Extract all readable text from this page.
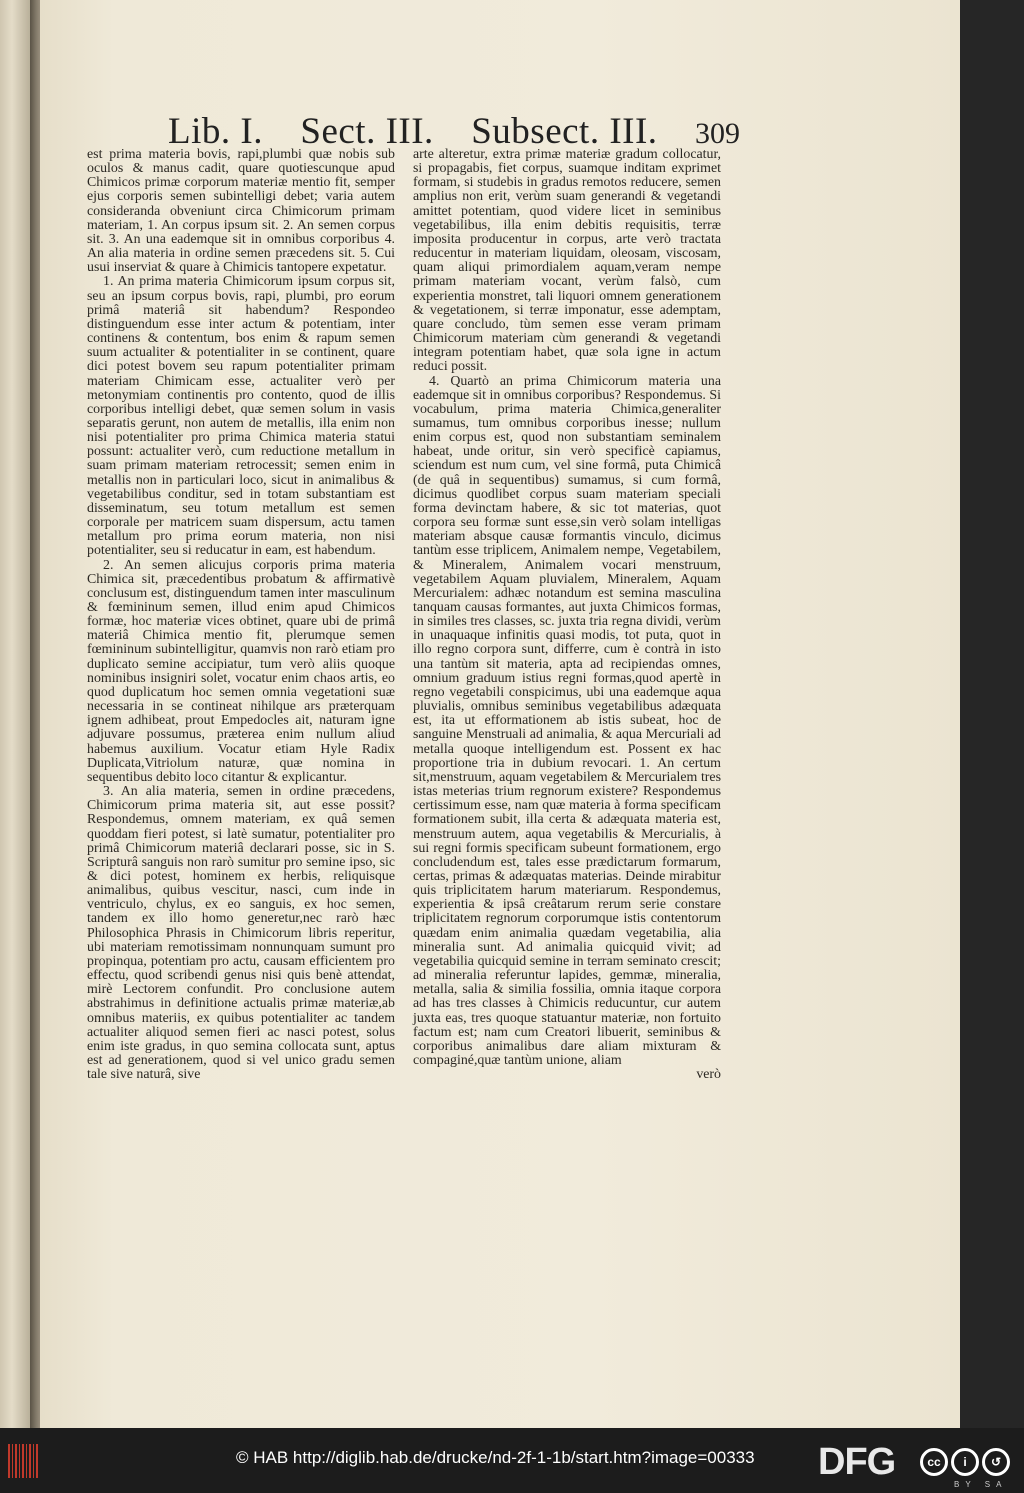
Lib. I. Sect. III. Subsect. III. 309

est prima materia bovis, rapi,plumbi quæ nobis sub oculos & manus cadit, quare quotiescunque apud Chimicos primæ corporum materiæ mentio fit, semper ejus corporis semen subintelligi debet; varia autem consideranda obveniunt circa Chimicorum primam materiam, 1. An corpus ipsum sit. 2. An semen corpus sit. 3. An una eademque sit in omnibus corporibus 4. An alia materia in ordine semen præcedens sit. 5. Cui usui inserviat & quare à Chimicis tantopere expetatur.

1. An prima materia Chimicorum ipsum corpus sit, seu an ipsum corpus bovis, rapi, plumbi, pro eorum primâ materiâ sit habendum? Respondeo distinguendum esse inter actum & potentiam, inter continens & contentum, bos enim & rapum semen suum actualiter & potentialiter in se continent, quare dici potest bovem seu rapum potentialiter primam materiam Chimicam esse, actualiter verò per metonymiam continentis pro contento, quod de illis corporibus intelligi debet, quæ semen solum in vasis separatis gerunt, non autem de metallis, illa enim non nisi potentialiter pro prima Chimica materia statui possunt: actualiter verò, cum reductione metallum in suam primam materiam retrocessit; semen enim in metallis non in particulari loco, sicut in animalibus & vegetabilibus conditur, sed in totam substantiam est disseminatum, seu totum metallum est semen corporale per matricem suam dispersum, actu tamen metallum pro prima eorum materia, non nisi potentialiter, seu si reducatur in eam, est habendum.

2. An semen alicujus corporis prima materia Chimica sit, præcedentibus probatum & affirmativè conclusum est, distinguendum tamen inter masculinum & fœmininum semen, illud enim apud Chimicos formæ, hoc materiæ vices obtinet, quare ubi de primâ materiâ Chimica mentio fit, plerumque semen fœmininum subintelligitur, quamvis non rarò etiam pro duplicato semine accipiatur, tum verò aliis quoque nominibus insigniri solet, vocatur enim chaos artis, eo quod duplicatum hoc semen omnia vegetationi suæ necessaria in se contineat nihilque ars præterquam ignem adhibeat, prout Empedocles ait, naturam igne adjuvare possumus, præterea enim nullum aliud habemus auxilium. Vocatur etiam Hyle Radix Duplicata,Vitriolum naturæ, quæ nomina in sequentibus debito loco citantur & explicantur.

3. An alia materia, semen in ordine præcedens, Chimicorum prima materia sit, aut esse possit? Respondemus, omnem materiam, ex quâ semen quoddam fieri potest, si latè sumatur, potentialiter pro primâ Chimicorum materiâ declarari posse, sic in S. Scripturâ sanguis non rarò sumitur pro semine ipso, sic & dici potest, hominem ex herbis, reliquisque animalibus, quibus vescitur, nasci, cum inde in ventriculo, chylus, ex eo sanguis, ex hoc semen, tandem ex illo homo generetur,nec rarò hæc Philosophica Phrasis in Chimicorum libris reperitur, ubi materiam remotissimam nonnunquam sumunt pro propinqua, potentiam pro actu, causam efficientem pro effectu, quod scribendi genus nisi quis benè attendat, mirè Lectorem confundit. Pro conclusione autem abstrahimus in definitione actualis primæ materiæ,ab omnibus materiis, ex quibus potentialiter ac tandem actualiter aliquod semen fieri ac nasci potest, solus enim iste gradus, in quo semina collocata sunt, aptus est ad generationem, quod si vel unico gradu semen tale sive naturâ, sive

arte alteretur, extra primæ materiæ gradum collocatur, si propagabis, fiet corpus, suamque inditam exprimet formam, si studebis in gradus remotos reducere, semen amplius non erit, verùm suam generandi & vegetandi amittet potentiam, quod videre licet in seminibus vegetabilibus, illa enim debitis requisitis, terræ imposita producentur in corpus, arte verò tractata reducentur in materiam liquidam, oleosam, viscosam, quam aliqui primordialem aquam,veram nempe primam materiam vocant, verùm falsò, cum experientia monstret, tali liquori omnem generationem & vegetationem, si terræ imponatur, esse ademptam, quare concludo, tùm semen esse veram primam Chimicorum materiam cùm generandi & vegetandi integram potentiam habet, quæ sola igne in actum reduci possit.

4. Quartò an prima Chimicorum materia una eademque sit in omnibus corporibus? Respondemus. Si vocabulum, prima materia Chimica,generaliter sumamus, tum omnibus corporibus inesse; nullum enim corpus est, quod non substantiam seminalem habeat, unde oritur, sin verò specificè capiamus, sciendum est num cum, vel sine formâ, puta Chimicâ (de quâ in sequentibus) sumamus, si cum formâ, dicimus quodlibet corpus suam materiam speciali forma devinctam habere, & sic tot materias, quot corpora seu formæ sunt esse,sin verò solam intelligas materiam absque causæ formantis vinculo, dicimus tantùm esse triplicem, Animalem nempe, Vegetabilem, & Mineralem, Animalem vocari menstruum, vegetabilem Aquam pluvialem, Mineralem, Aquam Mercurialem: adhæc notandum est semina masculina tanquam causas formantes, aut juxta Chimicos formas, in similes tres classes, sc. juxta tria regna dividi, verùm in unaquaque infinitis quasi modis, tot puta, quot in illo regno corpora sunt, differre, cum è contrà in isto una tantùm sit materia, apta ad recipiendas omnes, omnium graduum istius regni formas,quod apertè in regno vegetabili conspicimus, ubi una eademque aqua pluvialis, omnibus seminibus vegetabilibus adæquata est, ita ut efformationem ab istis subeat, hoc de sanguine Menstruali ad animalia, & aqua Mercuriali ad metalla quoque intelligendum est. Possent ex hac proportione tria in dubium revocari. 1. An certum sit,menstruum, aquam vegetabilem & Mercurialem tres istas meterias trium regnorum existere? Respondemus certissimum esse, nam quæ materia à forma specificam formationem subit, illa certa & adæquata materia est, menstruum autem, aqua vegetabilis & Mercurialis, à sui regni formis specificam subeunt formationem, ergo concludendum est, tales esse prædictarum formarum, certas, primas & adæquatas materias. Deinde mirabitur quis triplicitatem harum materiarum. Respondemus, experientia & ipsâ creâtarum rerum serie constare triplicitatem regnorum corporumque istis contentorum quædam enim animalia quædam vegetabilia, alia mineralia sunt. Ad animalia quicquid vivit; ad vegetabilia quicquid semine in terram seminato crescit; ad mineralia referuntur lapides, gemmæ, mineralia, metalla, salia & similia fossilia, omnia itaque corpora ad has tres classes à Chimicis reducuntur, cur autem juxta eas, tres quoque statuantur materiæ, non fortuito factum est; nam cum Creatori libuerit, seminibus & corporibus animalibus dare aliam mixturam & compaginé,quæ tantùm unione, aliam

verò

© HAB http://diglib.hab.de/drucke/nd-2f-1-1b/start.htm?image=00333 DFG	cc	i	↺
BY SA
